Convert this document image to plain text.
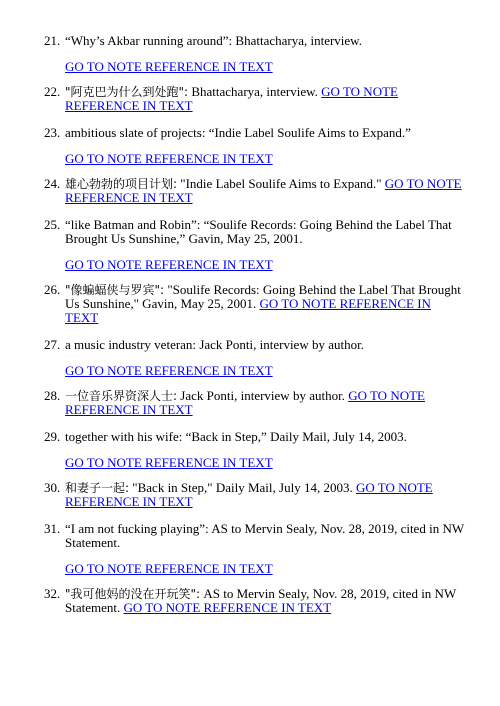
21. “Why’s Akbar running around”: Bhattacharya, interview.
GO TO NOTE REFERENCE IN TEXT
22. "阿克巴为什么到处跑": Bhattacharya, interview. GO TO NOTE REFERENCE IN TEXT
23. ambitious slate of projects: “Indie Label Soulife Aims to Expand.”
GO TO NOTE REFERENCE IN TEXT
24. 雄心勃勃的项目计划: "Indie Label Soulife Aims to Expand." GO TO NOTE REFERENCE IN TEXT
25. “like Batman and Robin”: “Soulife Records: Going Behind the Label That Brought Us Sunshine,” Gavin, May 25, 2001.
GO TO NOTE REFERENCE IN TEXT
26. "像蝙蝠侠与罗宾": "Soulife Records: Going Behind the Label That Brought Us Sunshine," Gavin, May 25, 2001. GO TO NOTE REFERENCE IN TEXT
27. a music industry veteran: Jack Ponti, interview by author.
GO TO NOTE REFERENCE IN TEXT
28. 一位音乐界资深人士: Jack Ponti, interview by author. GO TO NOTE REFERENCE IN TEXT
29. together with his wife: “Back in Step,” Daily Mail, July 14, 2003.
GO TO NOTE REFERENCE IN TEXT
30. 和妻子一起: "Back in Step," Daily Mail, July 14, 2003. GO TO NOTE REFERENCE IN TEXT
31. “I am not fucking playing”: AS to Mervin Sealy, Nov. 28, 2019, cited in NW Statement.
GO TO NOTE REFERENCE IN TEXT
32. "我可他妈的没在开玩笑": AS to Mervin Sealy, Nov. 28, 2019, cited in NW Statement. GO TO NOTE REFERENCE IN TEXT
